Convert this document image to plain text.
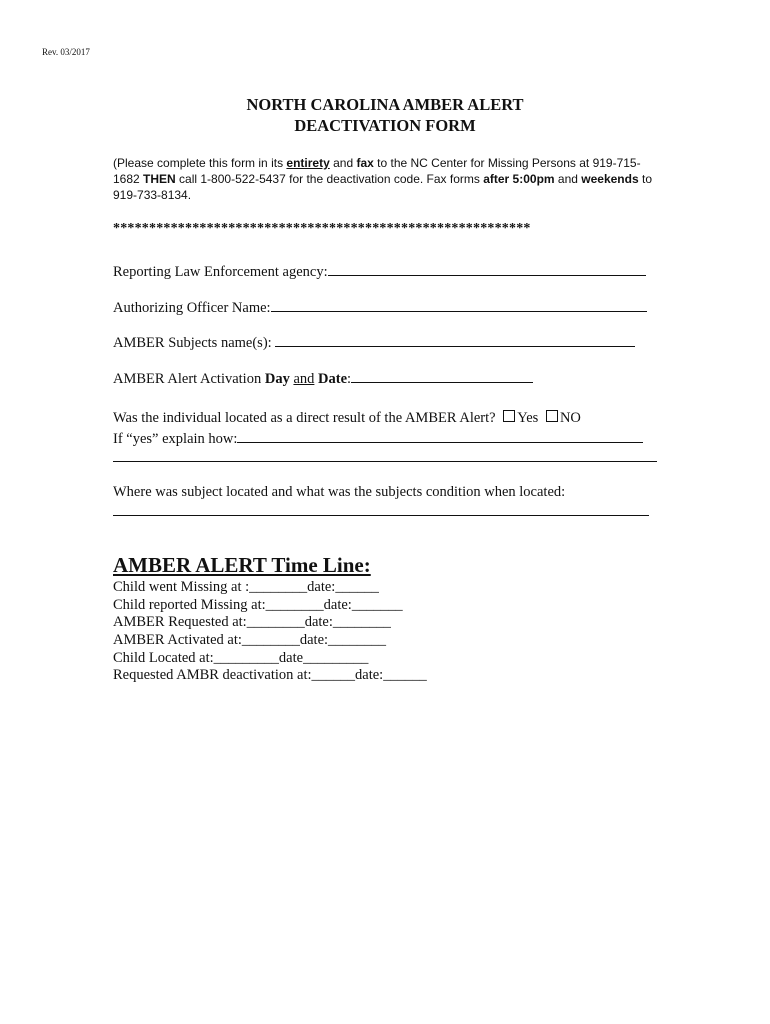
Rev. 03/2017
NORTH CAROLINA AMBER ALERT
DEACTIVATION FORM
(Please complete this form in its entirety and fax to the NC Center for Missing Persons at 919-715-1682 THEN call 1-800-522-5437 for the deactivation code. Fax forms after 5:00pm and weekends to 919-733-8134.
**********************************************************
Reporting Law Enforcement agency:
Authorizing Officer Name:
AMBER Subjects name(s):
AMBER Alert Activation Day and Date:
Was the individual located as a direct result of the AMBER Alert? Yes NO
If “yes” explain how:
Where was subject located and what was the subjects condition when located:
AMBER ALERT Time Line:
Child went Missing at :________date:______
Child reported Missing at:________date:_______
AMBER Requested at:________date:________
AMBER Activated at:________date:________
Child Located at:_________date_________
Requested AMBR deactivation at:______date:______
